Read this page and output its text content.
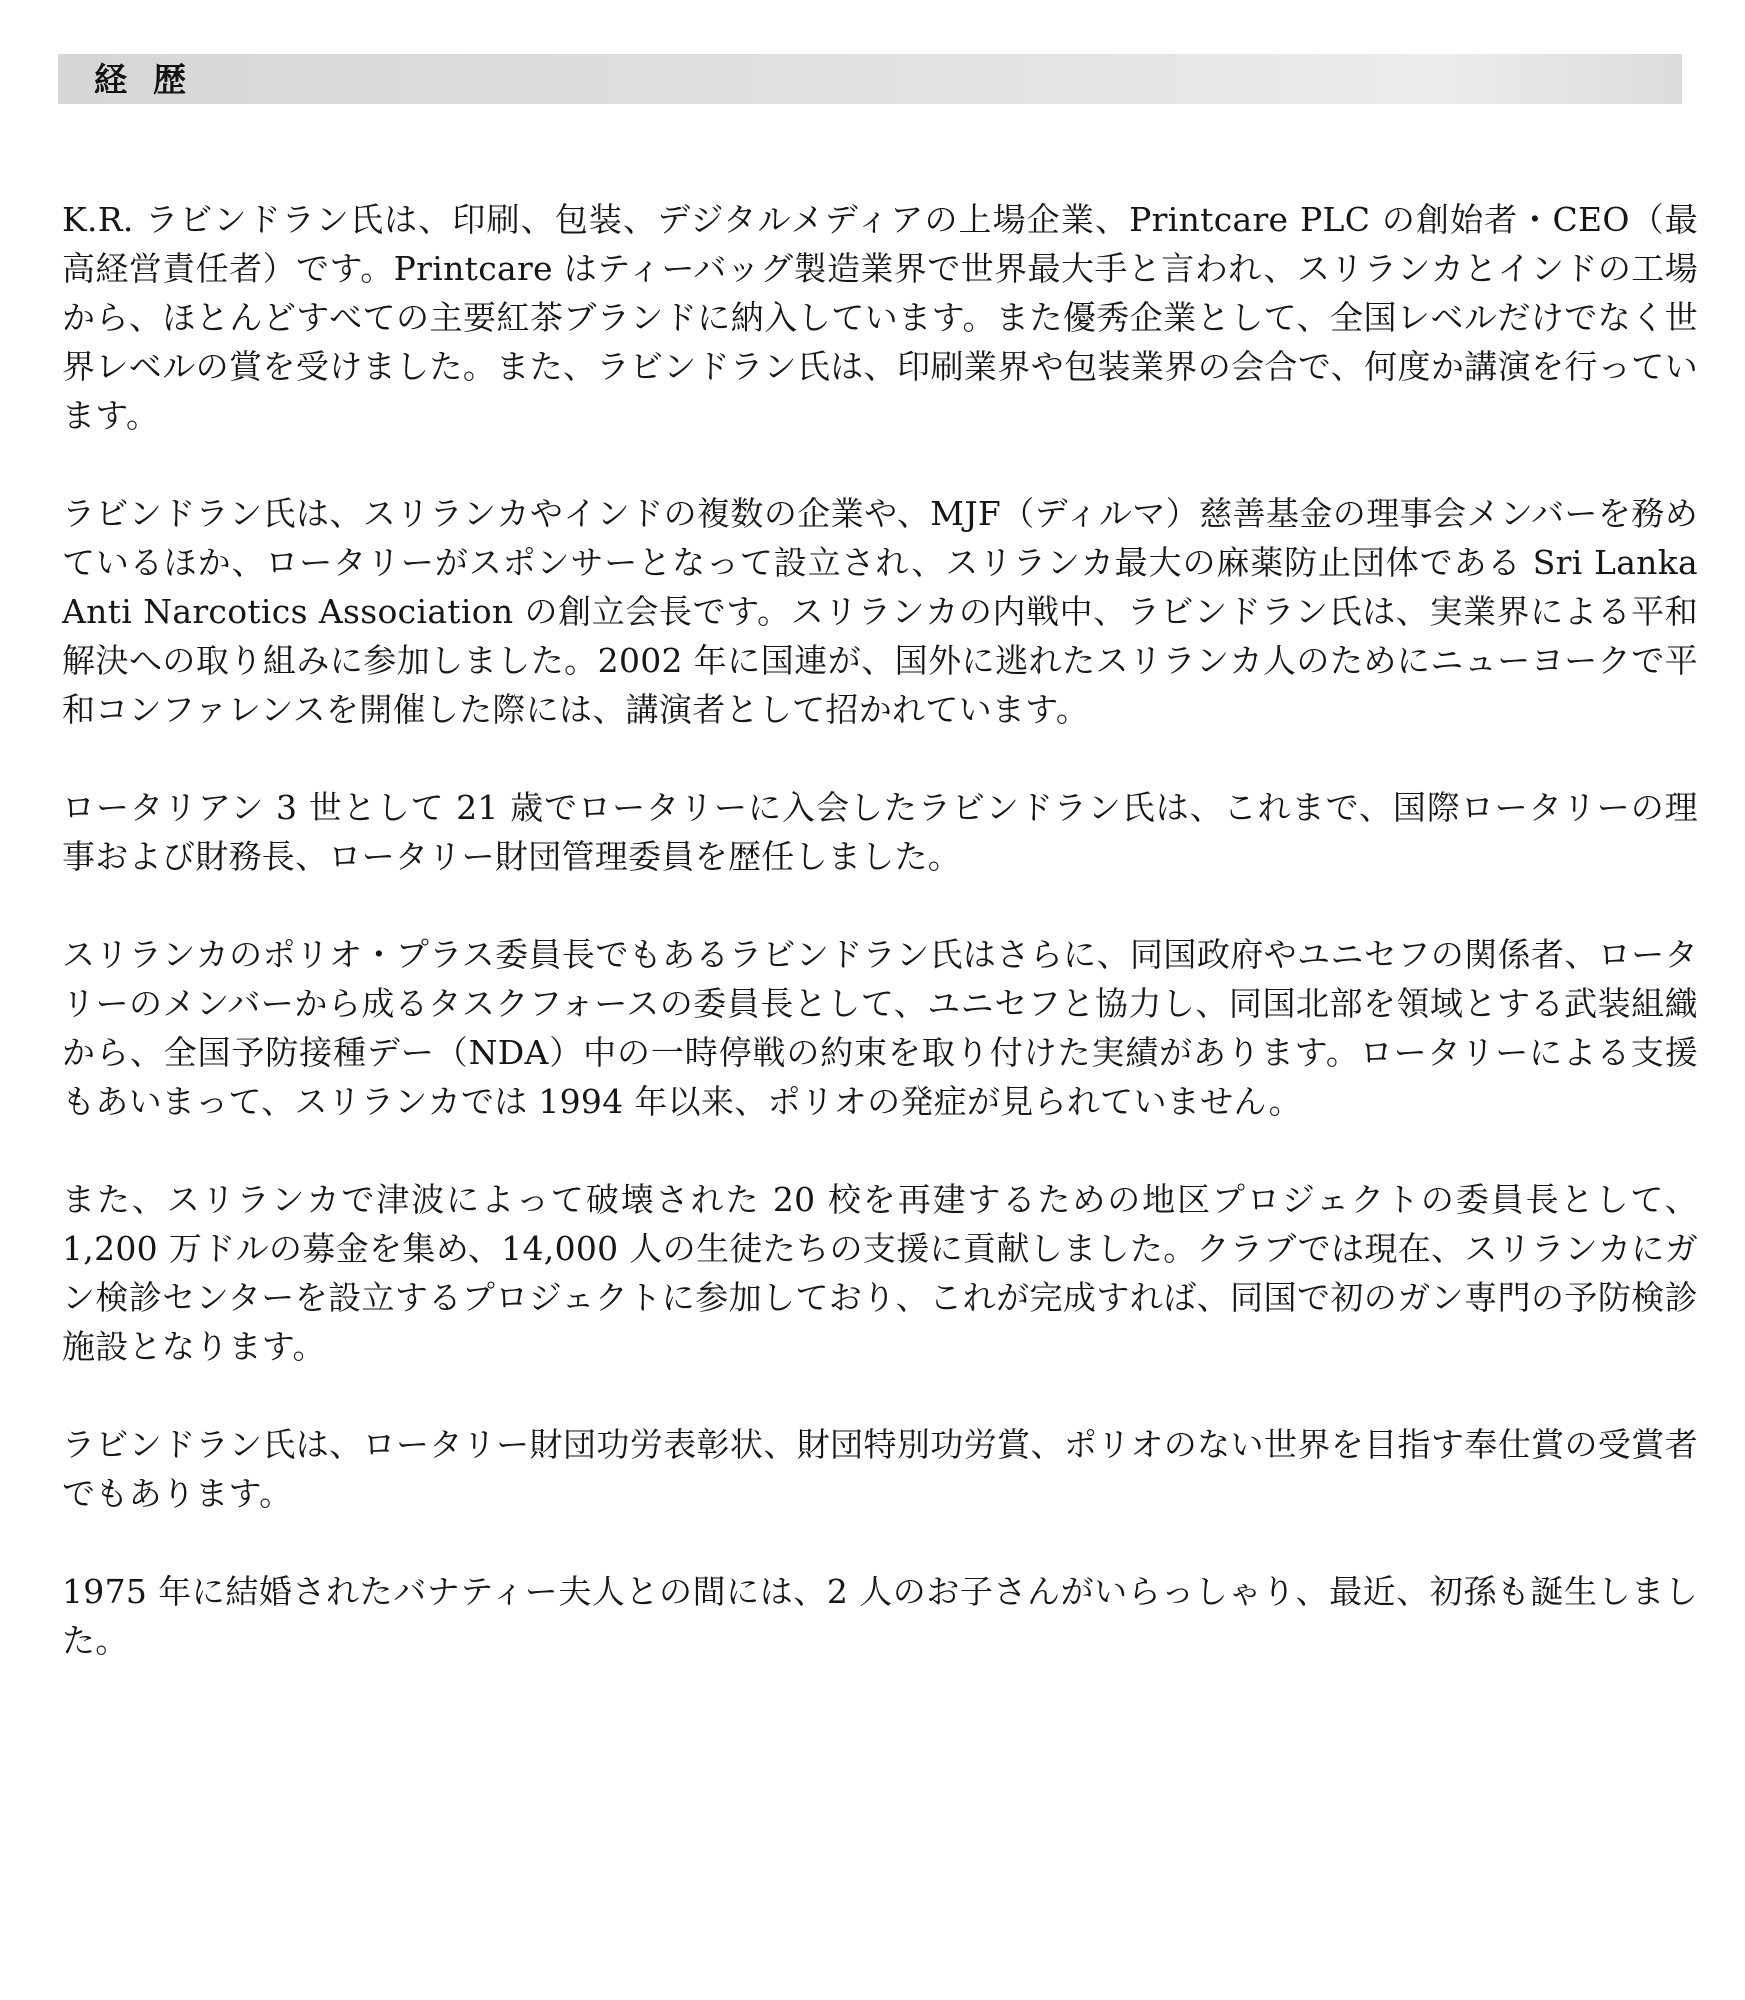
経歴

K.R. ラビンドラン氏は、印刷、包装、デジタルメディアの上場企業、Printcare PLC の創始者・CEO（最高経営責任者）です。Printcare はティーバッグ製造業界で世界最大手と言われ、スリランカとインドの工場から、ほとんどすべての主要紅茶ブランドに納入しています。また優秀企業として、全国レベルだけでなく世界レベルの賞を受けました。また、ラビンドラン氏は、印刷業界や包装業界の会合で、何度か講演を行っています。

ラビンドラン氏は、スリランカやインドの複数の企業や、MJF（ディルマ）慈善基金の理事会メンバーを務めているほか、ロータリーがスポンサーとなって設立され、スリランカ最大の麻薬防止団体である Sri Lanka Anti Narcotics Association の創立会長です。スリランカの内戦中、ラビンドラン氏は、実業界による平和解決への取り組みに参加しました。2002 年に国連が、国外に逃れたスリランカ人のためにニューヨークで平和コンファレンスを開催した際には、講演者として招かれています。

ロータリアン 3 世として 21 歳でロータリーに入会したラビンドラン氏は、これまで、国際ロータリーの理事および財務長、ロータリー財団管理委員を歴任しました。

スリランカのポリオ・プラス委員長でもあるラビンドラン氏はさらに、同国政府やユニセフの関係者、ロータリーのメンバーから成るタスクフォースの委員長として、ユニセフと協力し、同国北部を領域とする武装組織から、全国予防接種デー（NDA）中の一時停戦の約束を取り付けた実績があります。ロータリーによる支援もあいまって、スリランカでは 1994 年以来、ポリオの発症が見られていません。

また、スリランカで津波によって破壊された 20 校を再建するための地区プロジェクトの委員長として、1,200 万ドルの募金を集め、14,000 人の生徒たちの支援に貢献しました。クラブでは現在、スリランカにガン検診センターを設立するプロジェクトに参加しており、これが完成すれば、同国で初のガン専門の予防検診施設となります。

ラビンドラン氏は、ロータリー財団功労表彰状、財団特別功労賞、ポリオのない世界を目指す奉仕賞の受賞者でもあります。

1975 年に結婚されたバナティー夫人との間には、2 人のお子さんがいらっしゃり、最近、初孫も誕生しました。
